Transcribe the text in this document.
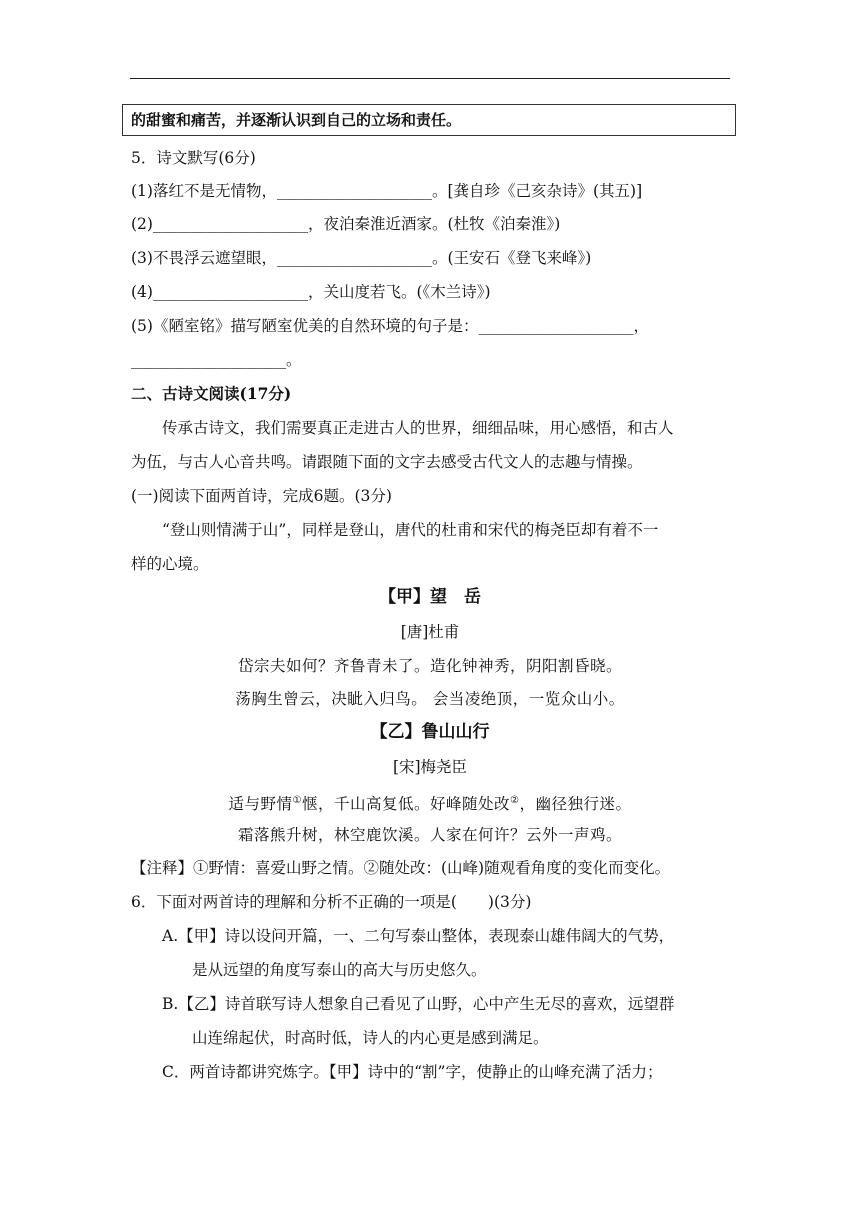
的甜蜜和痛苦，并逐渐认识到自己的立场和责任。
5．诗文默写(6分)
(1)落红不是无情物，____________________。[龚自珍《己亥杂诗》(其五)]
(2)____________________，夜泊秦淮近酒家。(杜牧《泊秦淮》)
(3)不畏浮云遮望眼，____________________。(王安石《登飞来峰》)
(4)____________________，关山度若飞。(《木兰诗》)
(5)《陋室铭》描写陋室优美的自然环境的句子是：____________________，
____________________。
二、古诗文阅读(17分)
传承古诗文，我们需要真正走进古人的世界，细细品味，用心感悟，和古人
为伍，与古人心音共鸣。请跟随下面的文字去感受古代文人的志趣与情操。
(一)阅读下面两首诗，完成6题。(3分)
“登山则情满于山”，同样是登山，唐代的杜甫和宋代的梅尧臣却有着不一
样的心境。
【甲】望　岳
[唐]杜甫
岱宗夫如何？齐鲁青未了。造化钟神秀，阴阳割昏晓。
荡胸生曾云，决眦入归鸟。 会当凌绝顶，一览众山小。
【乙】鲁山山行
[宋]梅尧臣
适与野情①惬，千山高复低。好峰随处改②，幽径独行迷。
霜落熊升树，林空鹿饮溪。人家在何许？云外一声鸡。
【注释】①野情：喜爱山野之情。②随处改：(山峰)随观看角度的变化而变化。
6．下面对两首诗的理解和分析不正确的一项是(　　)(3分)
A.【甲】诗以设问开篇，一、二句写泰山整体，表现泰山雄伟阔大的气势，
是从远望的角度写泰山的高大与历史悠久。
B.【乙】诗首联写诗人想象自己看见了山野，心中产生无尽的喜欢，远望群
山连绵起伏，时高时低，诗人的内心更是感到满足。
C．两首诗都讲究炼字。【甲】诗中的“割”字，使静止的山峰充满了活力；
